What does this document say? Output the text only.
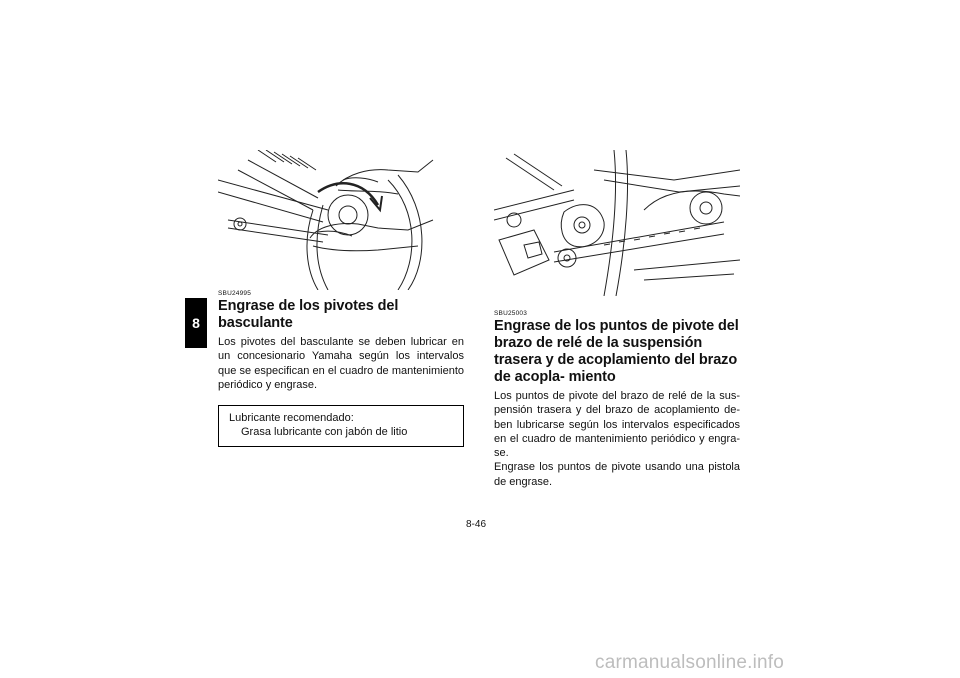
8
SBU24995
Engrase de los pivotes del basculante

Los pivotes del basculante se deben lubricar en un concesionario Yamaha según los intervalos que se especifican en el cuadro de mantenimiento periódico y engrase.

Lubricante recomendado:
Grasa lubricante con jabón de litio
SBU25003
Engrase de los puntos de pivote del brazo de relé de la suspensión trasera y de acoplamiento del brazo de acopla- miento

Los puntos de pivote del brazo de relé de la sus- pensión trasera y del brazo de acoplamiento de- ben lubricarse según los intervalos especificados en el cuadro de mantenimiento periódico y engra- se.

Engrase los puntos de pivote usando una pistola de engrase.

8-46
carmanualsonline.info
